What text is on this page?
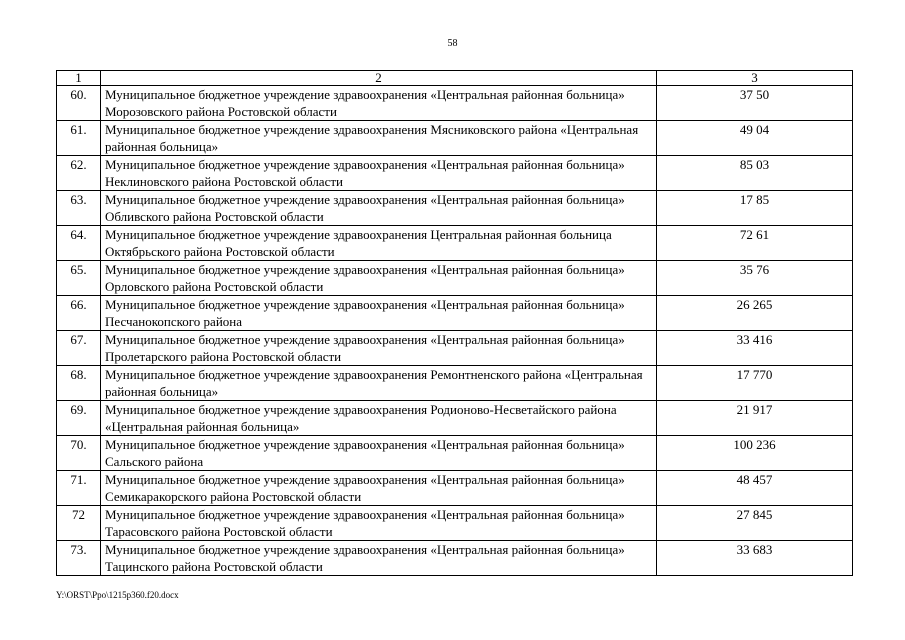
58
1	2	3
60.	Муниципальное бюджетное учреждение здравоохранения «Центральная районная больница» Морозовского района Ростовской области	37 50
61.	Муниципальное бюджетное учреждение здравоохранения Мясниковского района «Центральная районная больница»	49 04
62.	Муниципальное бюджетное учреждение здравоохранения «Центральная районная больница» Неклиновского района Ростовской области	85 03
63.	Муниципальное бюджетное учреждение здравоохранения «Центральная районная больница» Обливского района Ростовской области	17 85
64.	Муниципальное бюджетное учреждение здравоохранения Центральная районная больница Октябрьского района Ростовской области	72 61
65.	Муниципальное бюджетное учреждение здравоохранения «Центральная районная больница» Орловского района Ростовской области	35 76
66.	Муниципальное бюджетное учреждение здравоохранения «Центральная районная больница» Песчанокопского района	26 265
67.	Муниципальное бюджетное учреждение здравоохранения «Центральная районная больница» Пролетарского района Ростовской области	33 416
68.	Муниципальное бюджетное учреждение здравоохранения Ремонтненского района «Центральная районная больница»	17 770
69.	Муниципальное бюджетное учреждение здравоохранения Родионово-Несветайского района «Центральная районная больница»	21 917
70.	Муниципальное бюджетное учреждение здравоохранения «Центральная районная больница» Сальского района	100 236
71.	Муниципальное бюджетное учреждение здравоохранения «Центральная районная больница» Семикаракорского района Ростовской области	48 457
72	Муниципальное бюджетное учреждение здравоохранения «Центральная районная больница» Тарасовского района Ростовской области	27 845
73.	Муниципальное бюджетное учреждение здравоохранения «Центральная районная больница» Тацинского района Ростовской области	33 683
Y:\ORST\Ppo\1215p360.f20.docx
